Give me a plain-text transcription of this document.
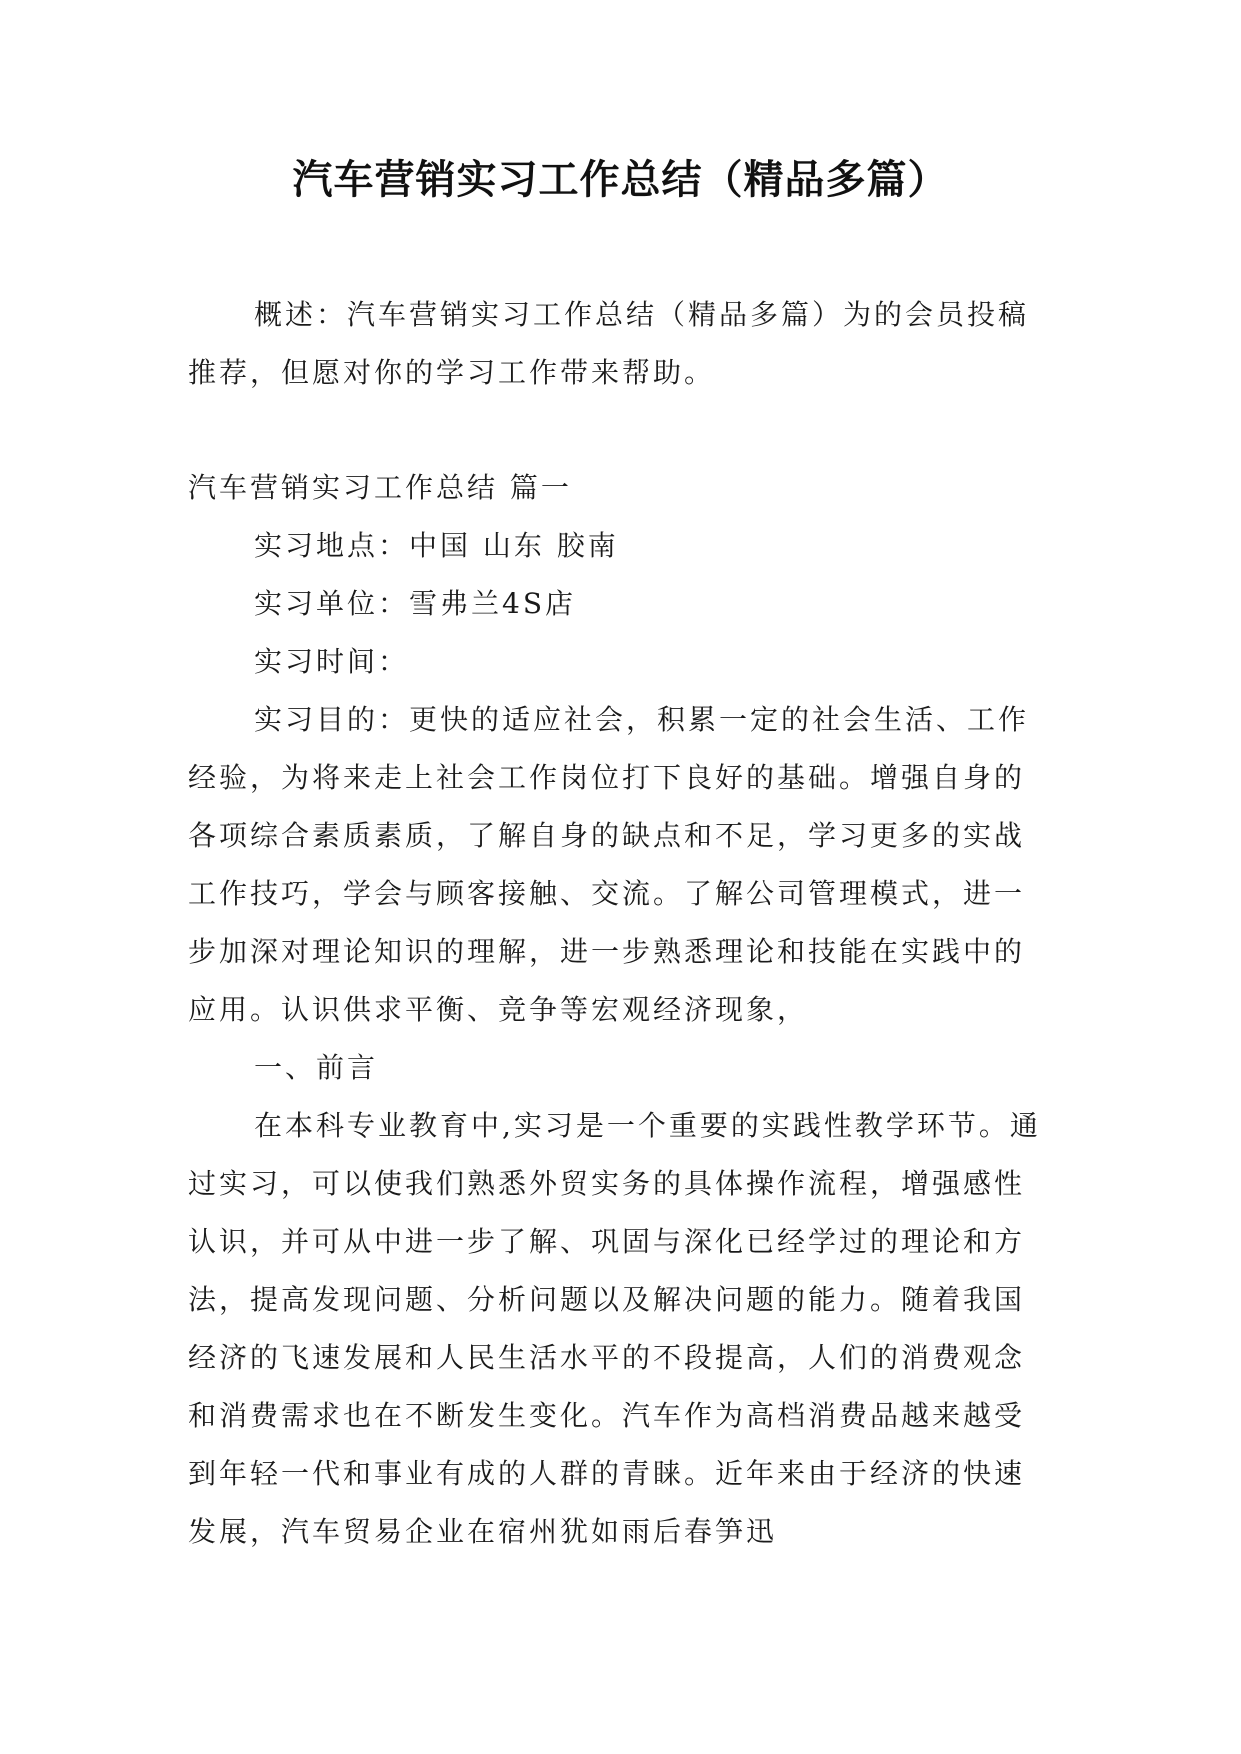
汽车营销实习工作总结（精品多篇）

概述：汽车营销实习工作总结（精品多篇）为的会员投稿推荐，但愿对你的学习工作带来帮助。

汽车营销实习工作总结 篇一

实习地点：中国 山东 胶南

实习单位：雪弗兰4S店

实习时间：

实习目的：更快的适应社会，积累一定的社会生活、工作经验，为将来走上社会工作岗位打下良好的基础。增强自身的各项综合素质素质，了解自身的缺点和不足，学习更多的实战工作技巧，学会与顾客接触、交流。了解公司管理模式，进一步加深对理论知识的理解，进一步熟悉理论和技能在实践中的应用。认识供求平衡、竞争等宏观经济现象，

一、前言

在本科专业教育中,实习是一个重要的实践性教学环节。通过实习，可以使我们熟悉外贸实务的具体操作流程，增强感性认识，并可从中进一步了解、巩固与深化已经学过的理论和方法，提高发现问题、分析问题以及解决问题的能力。随着我国经济的飞速发展和人民生活水平的不段提高，人们的消费观念和消费需求也在不断发生变化。汽车作为高档消费品越来越受到年轻一代和事业有成的人群的青睐。近年来由于经济的快速发展，汽车贸易企业在宿州犹如雨后春笋迅
